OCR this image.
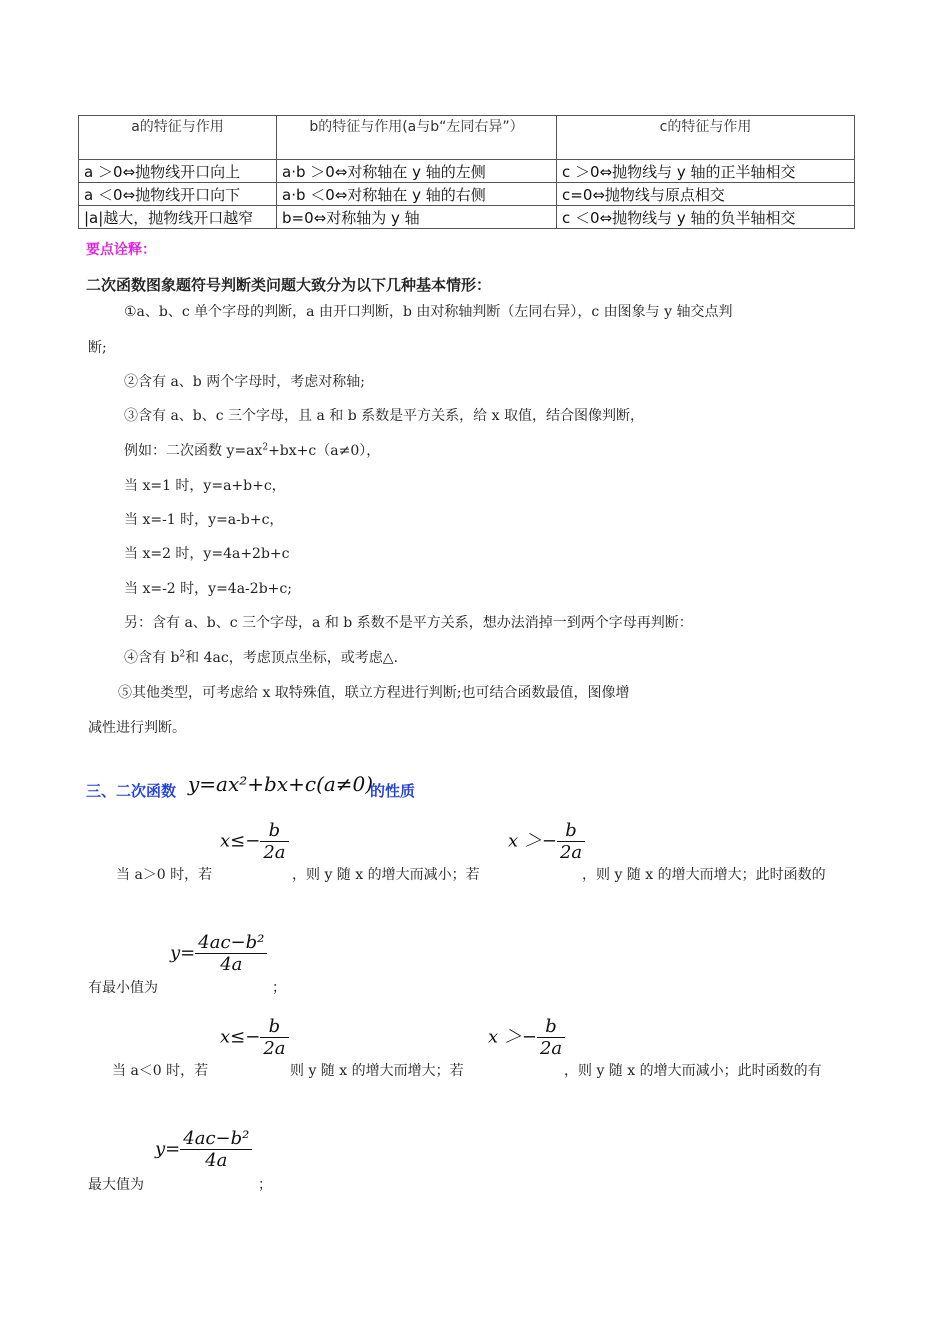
a的特征与作用	b的特征与作用(a与b“左同右异”）	c的特征与作用
a ＞0⇔抛物线开口向上	a·b ＞0⇔对称轴在 y 轴的左侧	c ＞0⇔抛物线与 y 轴的正半轴相交
a ＜0⇔抛物线开口向下	a·b ＜0⇔对称轴在 y 轴的右侧	c=0⇔抛物线与原点相交
|a|越大，抛物线开口越窄	b=0⇔对称轴为 y 轴	c ＜0⇔抛物线与 y 轴的负半轴相交
要点诠释：
二次函数图象题符号判断类问题大致分为以下几种基本情形：
①a、b、c 单个字母的判断，a 由开口判断，b 由对称轴判断（左同右异），c 由图象与 y 轴交点判
断;
②含有 a、b 两个字母时，考虑对称轴;
③含有 a、b、c 三个字母，且 a 和 b 系数是平方关系，给 x 取值，结合图像判断，
例如：二次函数 $y=ax^2+bx+c(a\ne 0)$，
当 x=1 时，y=a+b+c，
当 x=-1 时，y=a-b+c，
当 x=2 时，y=4a+2b+c
当 x=-2 时，y=4a-2b+c;
另：含有 a、b、c 三个字母，a 和 b 系数不是平方关系，想办法消掉一到两个字母再判断：
④含有 $b^2$和 4ac，考虑顶点坐标，或考虑△.
⑤其他类型，可考虑给 x 取特殊值，联立方程进行判断;也可结合函数最值，图像增
减性进行判断。
三、二次函数 y=ax²+bx+c(a≠0)
的性质
$x\le- \frac{b}{2a}$	$x >- \frac{b}{2a}$
当 a＞0 时，若	，则 y 随 x 的增大而减小；若	，则 y 随 x 的增大而增大；此时函数的
$y= \frac{\text{4ac−b²}}{4a}$
有最小值为	；
$x\le- \frac{b}{2a}$	$x >- \frac{b}{2a}$
当 a＜0 时，若	则 y 随 x 的增大而增大；若	，则 y 随 x 的增大而减小；此时函数的有
$y= \frac{\text{4ac−b²}}{4a}$
最大值为	；
